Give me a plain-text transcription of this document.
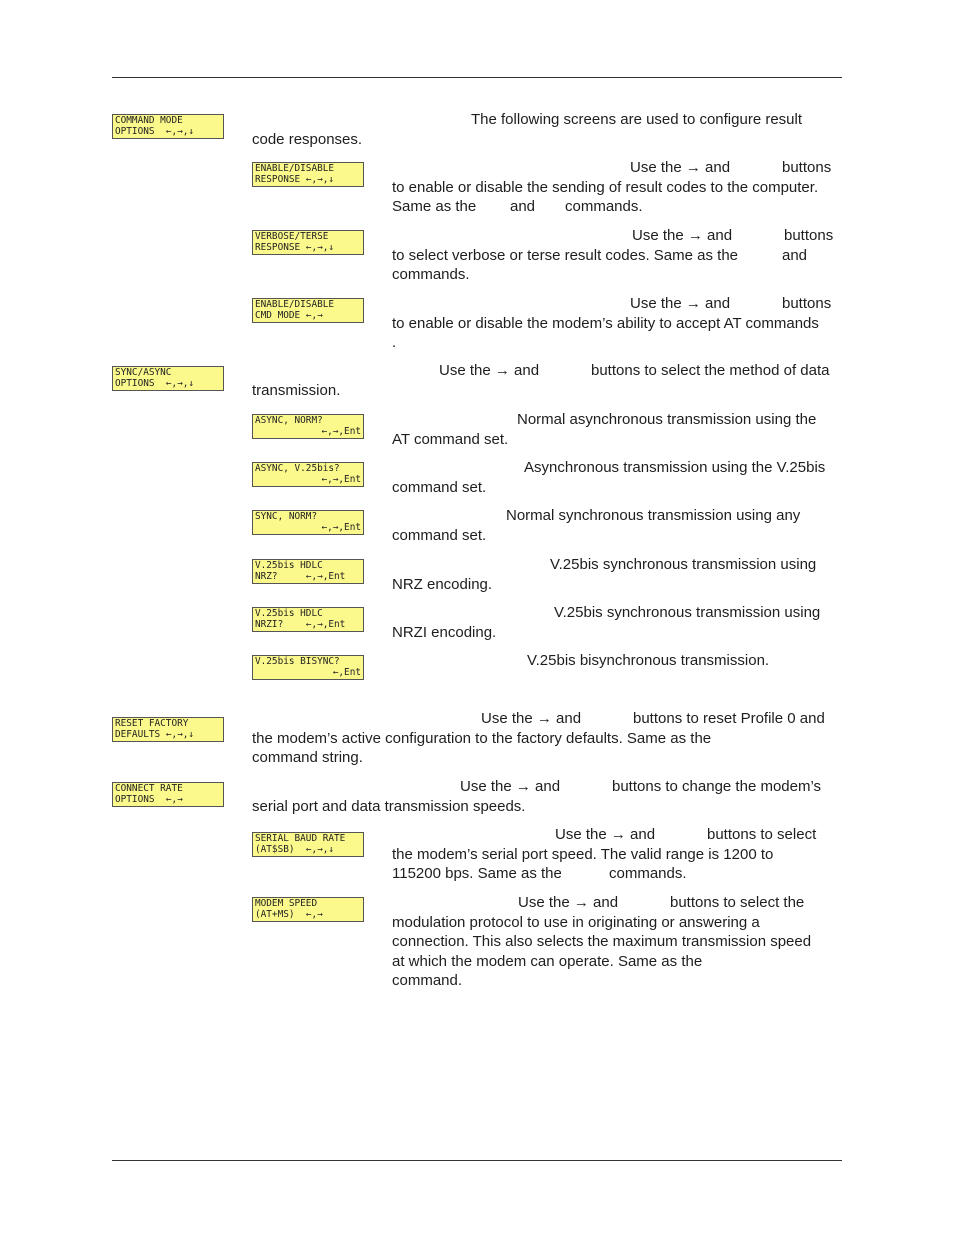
COMMAND MODE
OPTIONS  ←,→,↓
The following screens are used to configure result
code responses.
ENABLE/DISABLE
RESPONSE ←,→,↓
Use the → and	buttons
to enable or disable the sending of result codes to the computer.
Same as the and commands.
VERBOSE/TERSE
RESPONSE ←,→,↓
Use the → and	buttons
to select verbose or terse result codes. Same as the	and
commands.
ENABLE/DISABLE
CMD MODE ←,→
Use the → and	buttons
to enable or disable the modem’s ability to accept AT commands
.
SYNC/ASYNC
OPTIONS  ←,→,↓
Use the → and	buttons to select the method of data
transmission.
ASYNC, NORM?
←,→,Ent
Normal asynchronous transmission using the
AT command set.
ASYNC, V.25bis?
←,→,Ent
Asynchronous transmission using the V.25bis
command set.
SYNC, NORM?
←,→,Ent
Normal synchronous transmission using any
command set.
V.25bis HDLC
NRZ?     ←,→,Ent
V.25bis synchronous transmission using
NRZ encoding.
V.25bis HDLC
NRZI?    ←,→,Ent
V.25bis synchronous transmission using
NRZI encoding.
V.25bis BISYNC?
←,Ent
V.25bis bisynchronous transmission.
RESET FACTORY
DEFAULTS ←,→,↓
Use the → and	buttons to reset Profile 0 and
the modem’s active configuration to the factory defaults. Same as the
command string.
CONNECT RATE
OPTIONS  ←,→
Use the → and	buttons to change the modem’s
serial port and data transmission speeds.
SERIAL BAUD RATE
(AT$SB)  ←,→,↓
Use the → and	buttons to select
the modem’s serial port speed. The valid range is 1200 to
115200 bps. Same as the	commands.
MODEM SPEED
(AT+MS)  ←,→
Use the → and	buttons to select the
modulation protocol to use in originating or answering a
connection. This also selects the maximum transmission speed
at which the modem can operate. Same as the
command.
